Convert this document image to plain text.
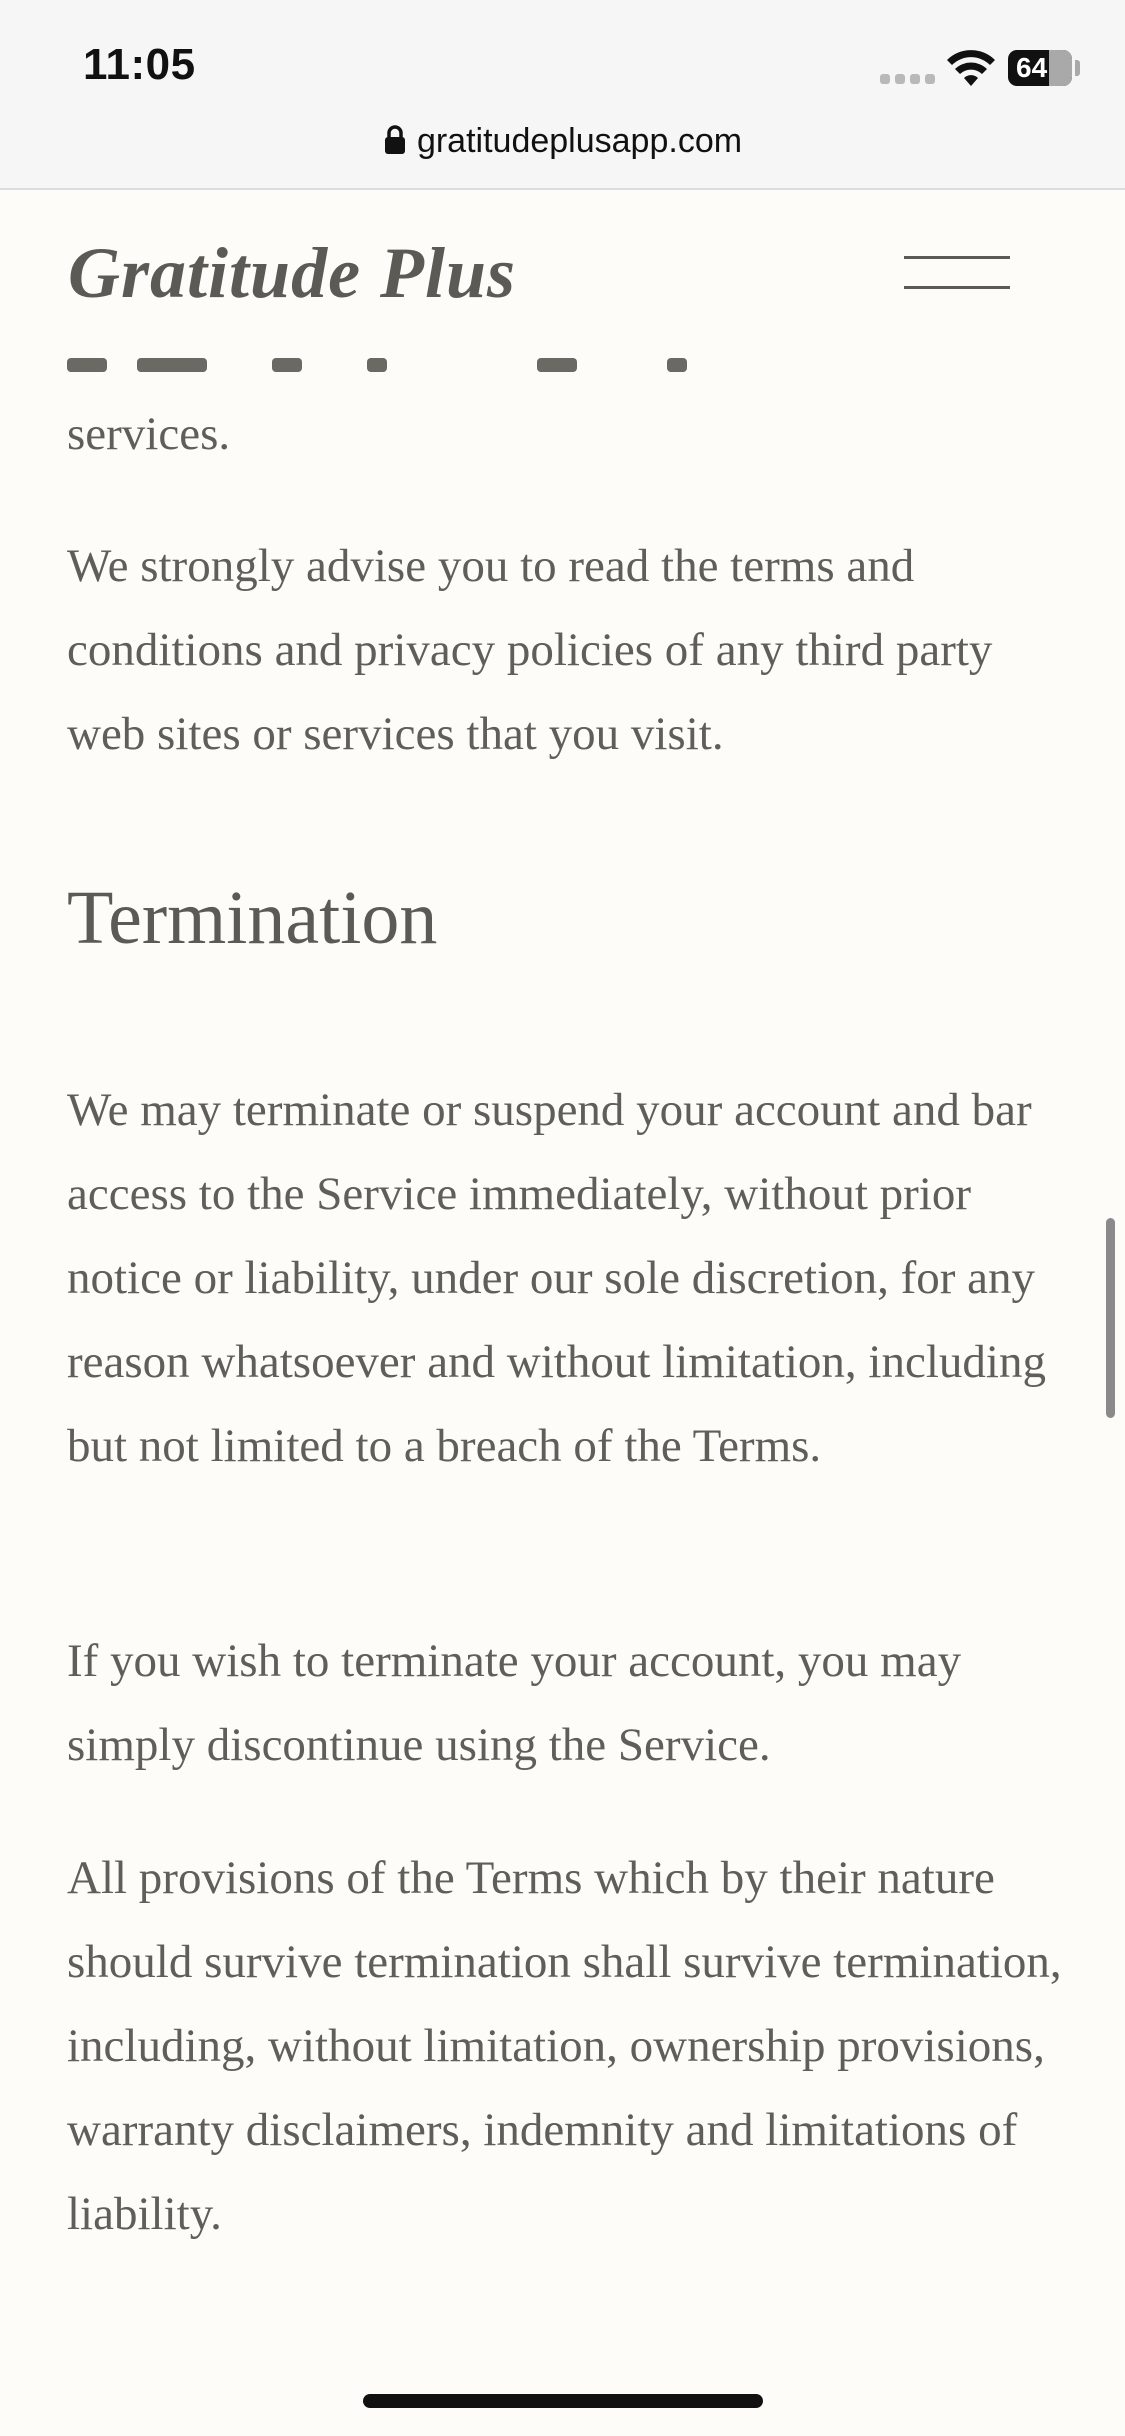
11:05	64
gratitudeplusapp.com
Gratitude Plus

services.

We strongly advise you to read the terms and conditions and privacy policies of any third party web sites or services that you visit.

Termination

We may terminate or suspend your account and bar access to the Service immediately, without prior notice or liability, under our sole discretion, for any reason whatsoever and without limitation, including but not limited to a breach of the Terms.

If you wish to terminate your account, you may simply discontinue using the Service.

All provisions of the Terms which by their nature should survive termination shall survive termination, including, without limitation, ownership provisions, warranty disclaimers, indemnity and limitations of liability.
